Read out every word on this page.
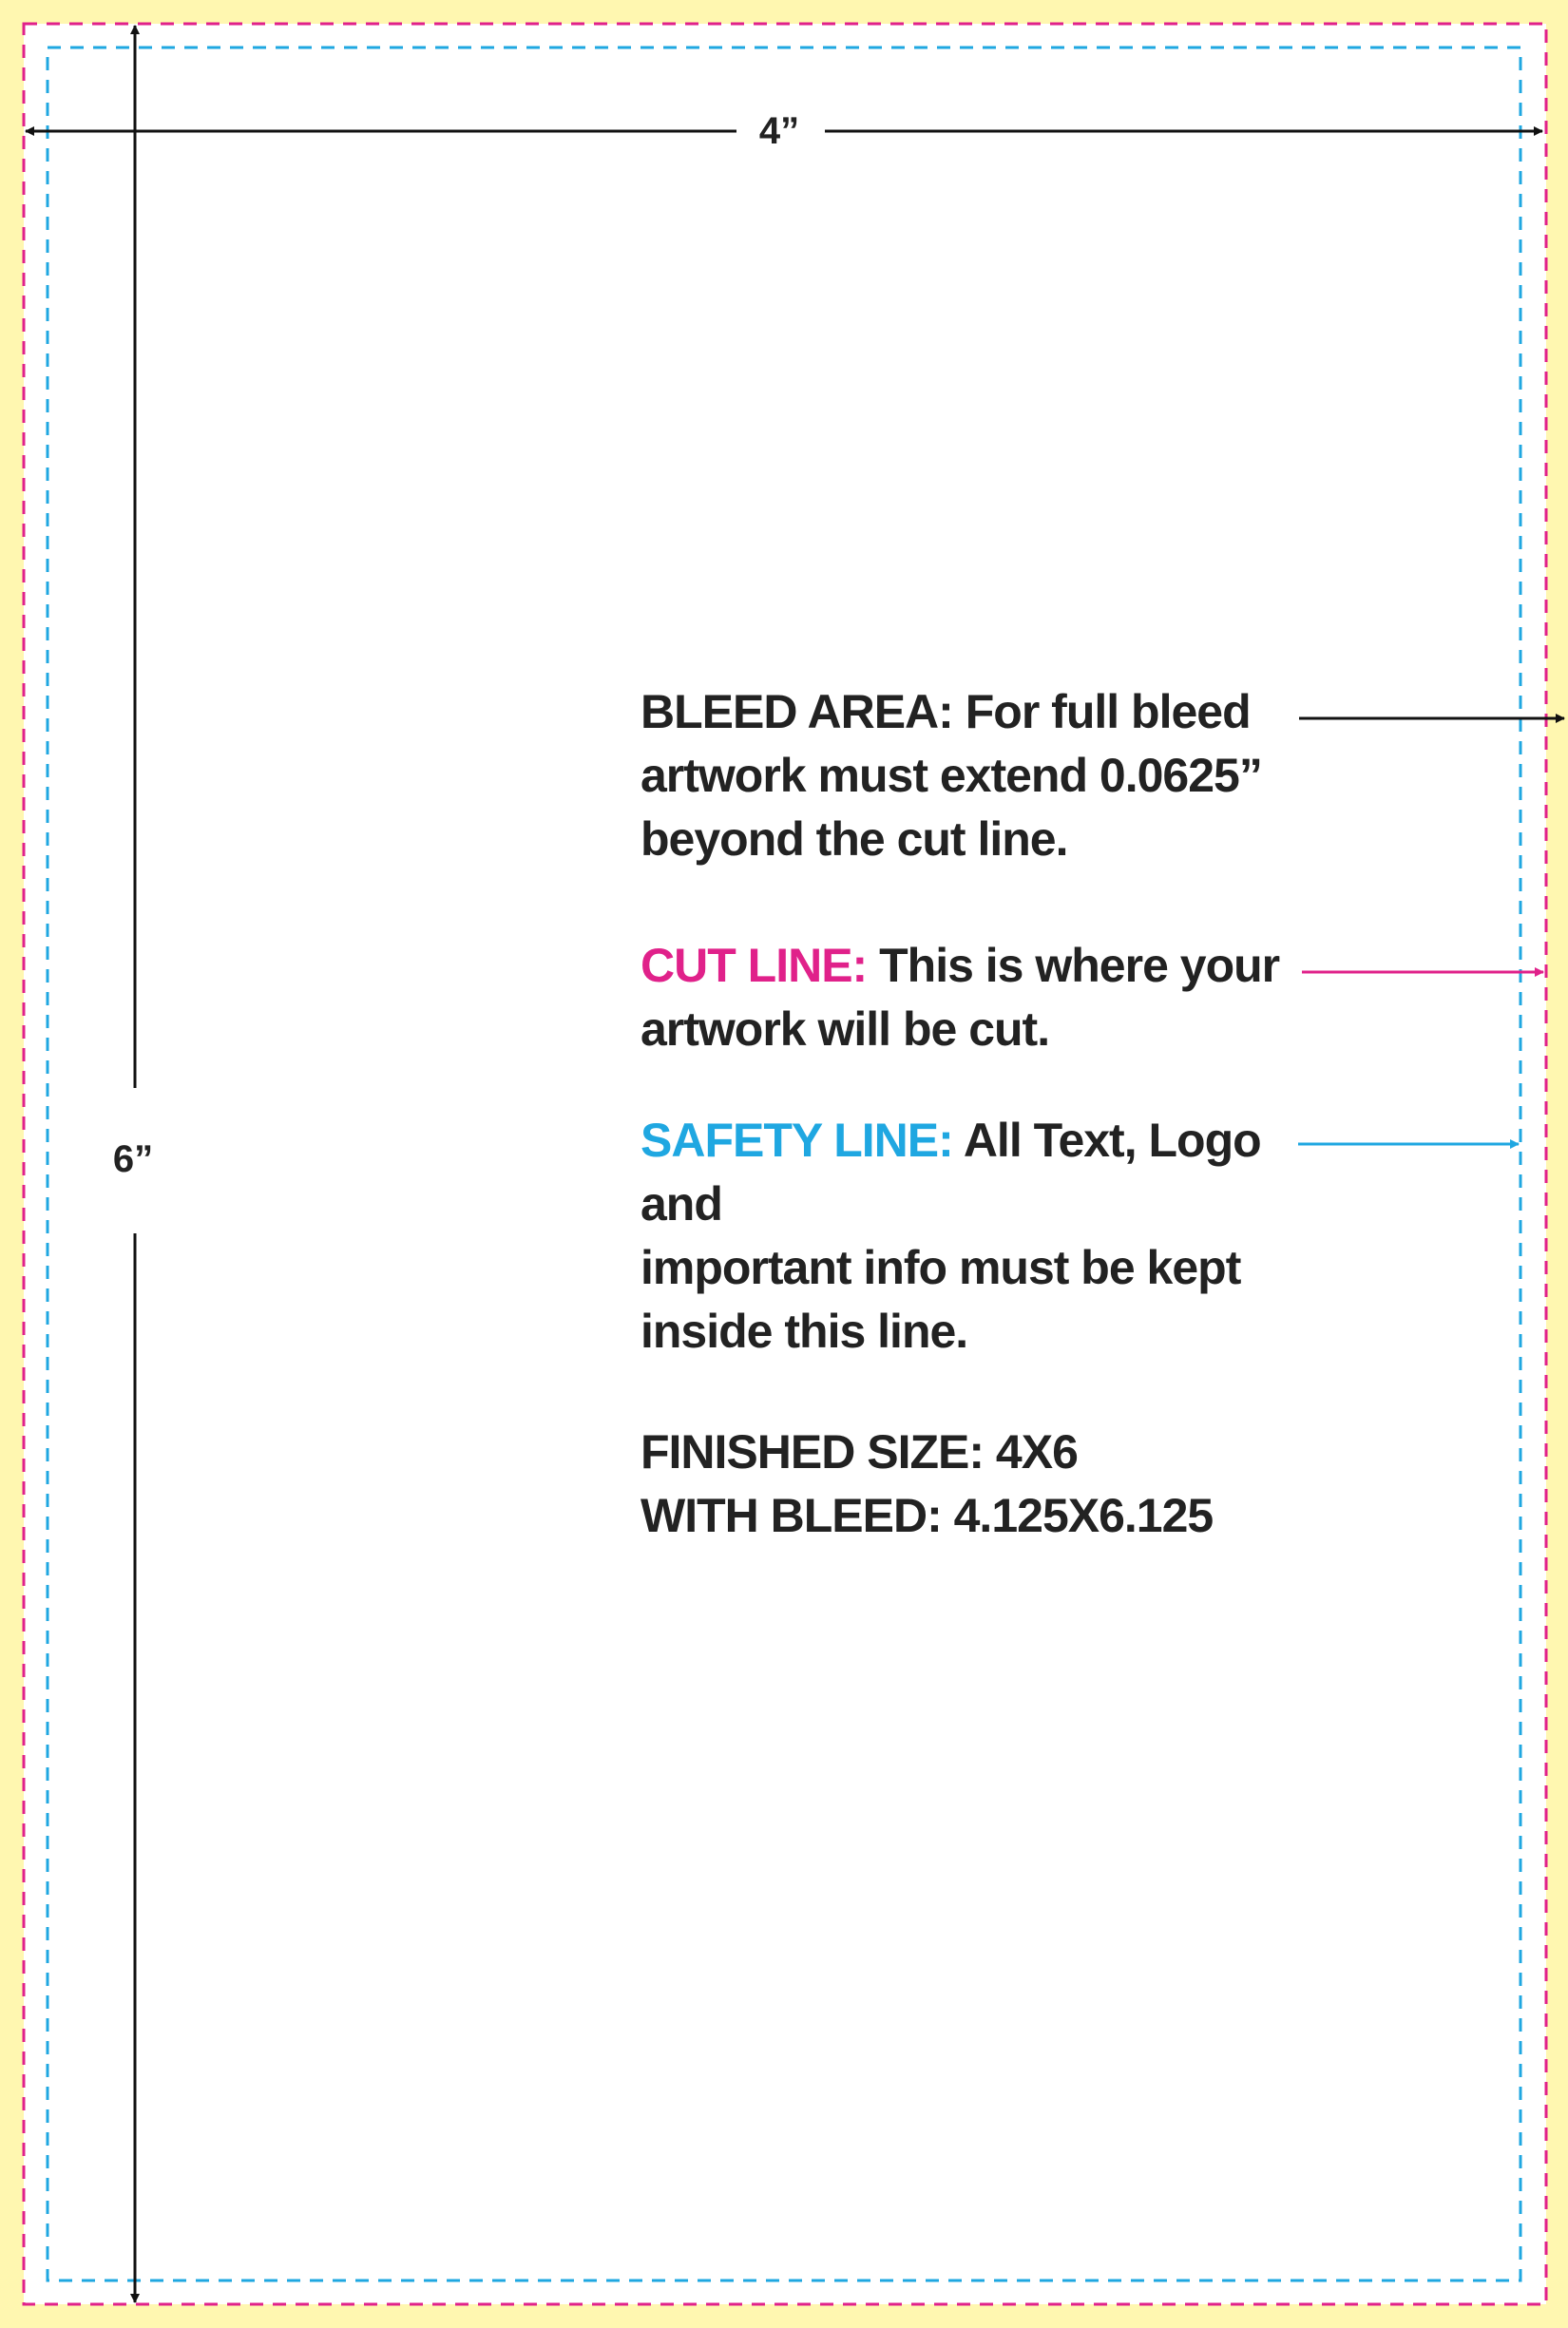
4”
6”
BLEED AREA: For full bleed
artwork must extend 0.0625”
beyond the cut line.
CUT LINE: This is where your
artwork will be cut.
SAFETY LINE: All Text, Logo and
important info must be kept
inside this line.
FINISHED SIZE: 4X6
WITH BLEED: 4.125X6.125
